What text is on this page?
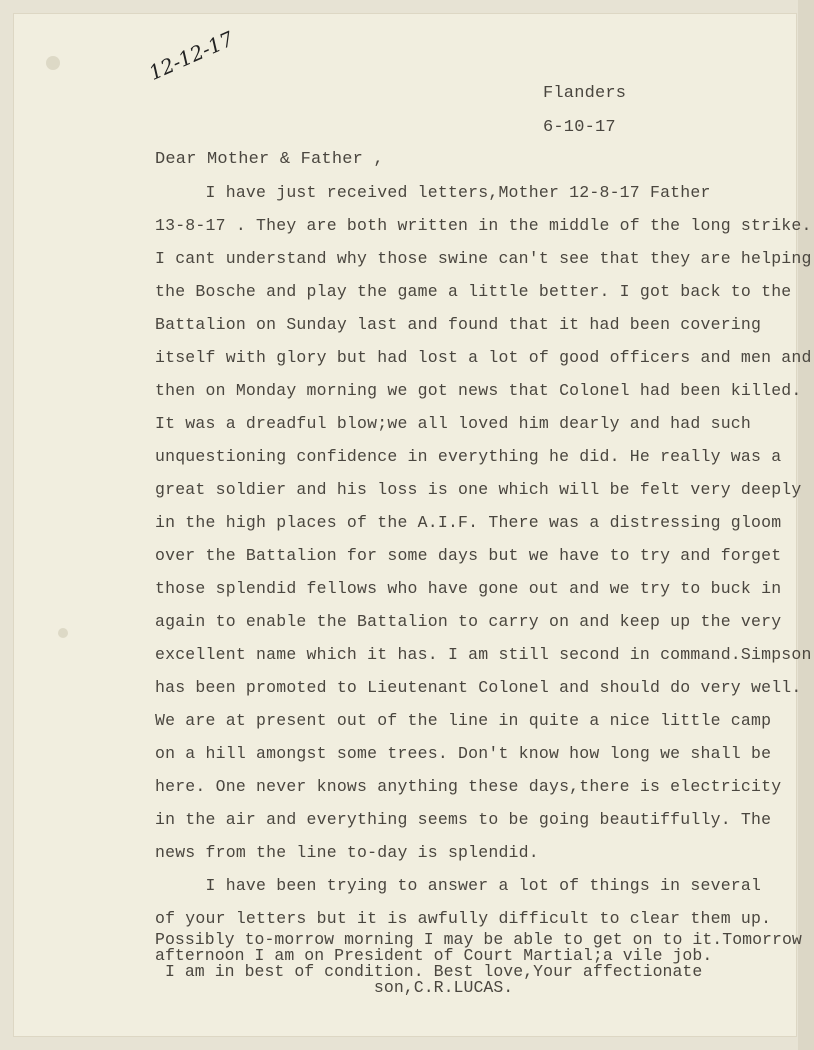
12-12-17
Flanders
6-10-17
Dear Mother & Father ,
I have just received letters,Mother 12-8-17 Father
13-8-17 . They are both written in the middle of the long strike.
I cant understand why those swine can't see that they are helping
the Bosche and play the game a little better. I got back to the
Battalion on Sunday last and found that it had been covering
itself with glory but had lost a lot of good officers and men and
then on Monday morning we got news that Colonel had been killed.
It was a dreadful blow;we all loved him dearly and had such
unquestioning confidence in everything he did. He really was a
great soldier and his loss is one which will be felt very deeply
in the high places of the A.I.F. There was a distressing gloom
over the Battalion for some days but we have to try and forget
those splendid fellows who have gone out and we try to buck in
again to enable the Battalion to carry on and keep up the very
excellent name which it has. I am still second in command.Simpson
has been promoted to Lieutenant Colonel and should do very well.
We are at present out of the line in quite a nice little camp
on a hill amongst some trees. Don't know how long we shall be
here. One never knows anything these days,there is electricity
in the air and everything seems to be going beautiffully. The
news from the line to-day is splendid.
I have been trying to answer a lot of things in several
of your letters but it is awfully difficult to clear them up.
Possibly to-morrow morning I may be able to get on to it.Tomorrow
afternoon I am on President of Court Martial;a vile job.
I am in best of condition. Best love,Your affectionate
son,C.R.LUCAS.
